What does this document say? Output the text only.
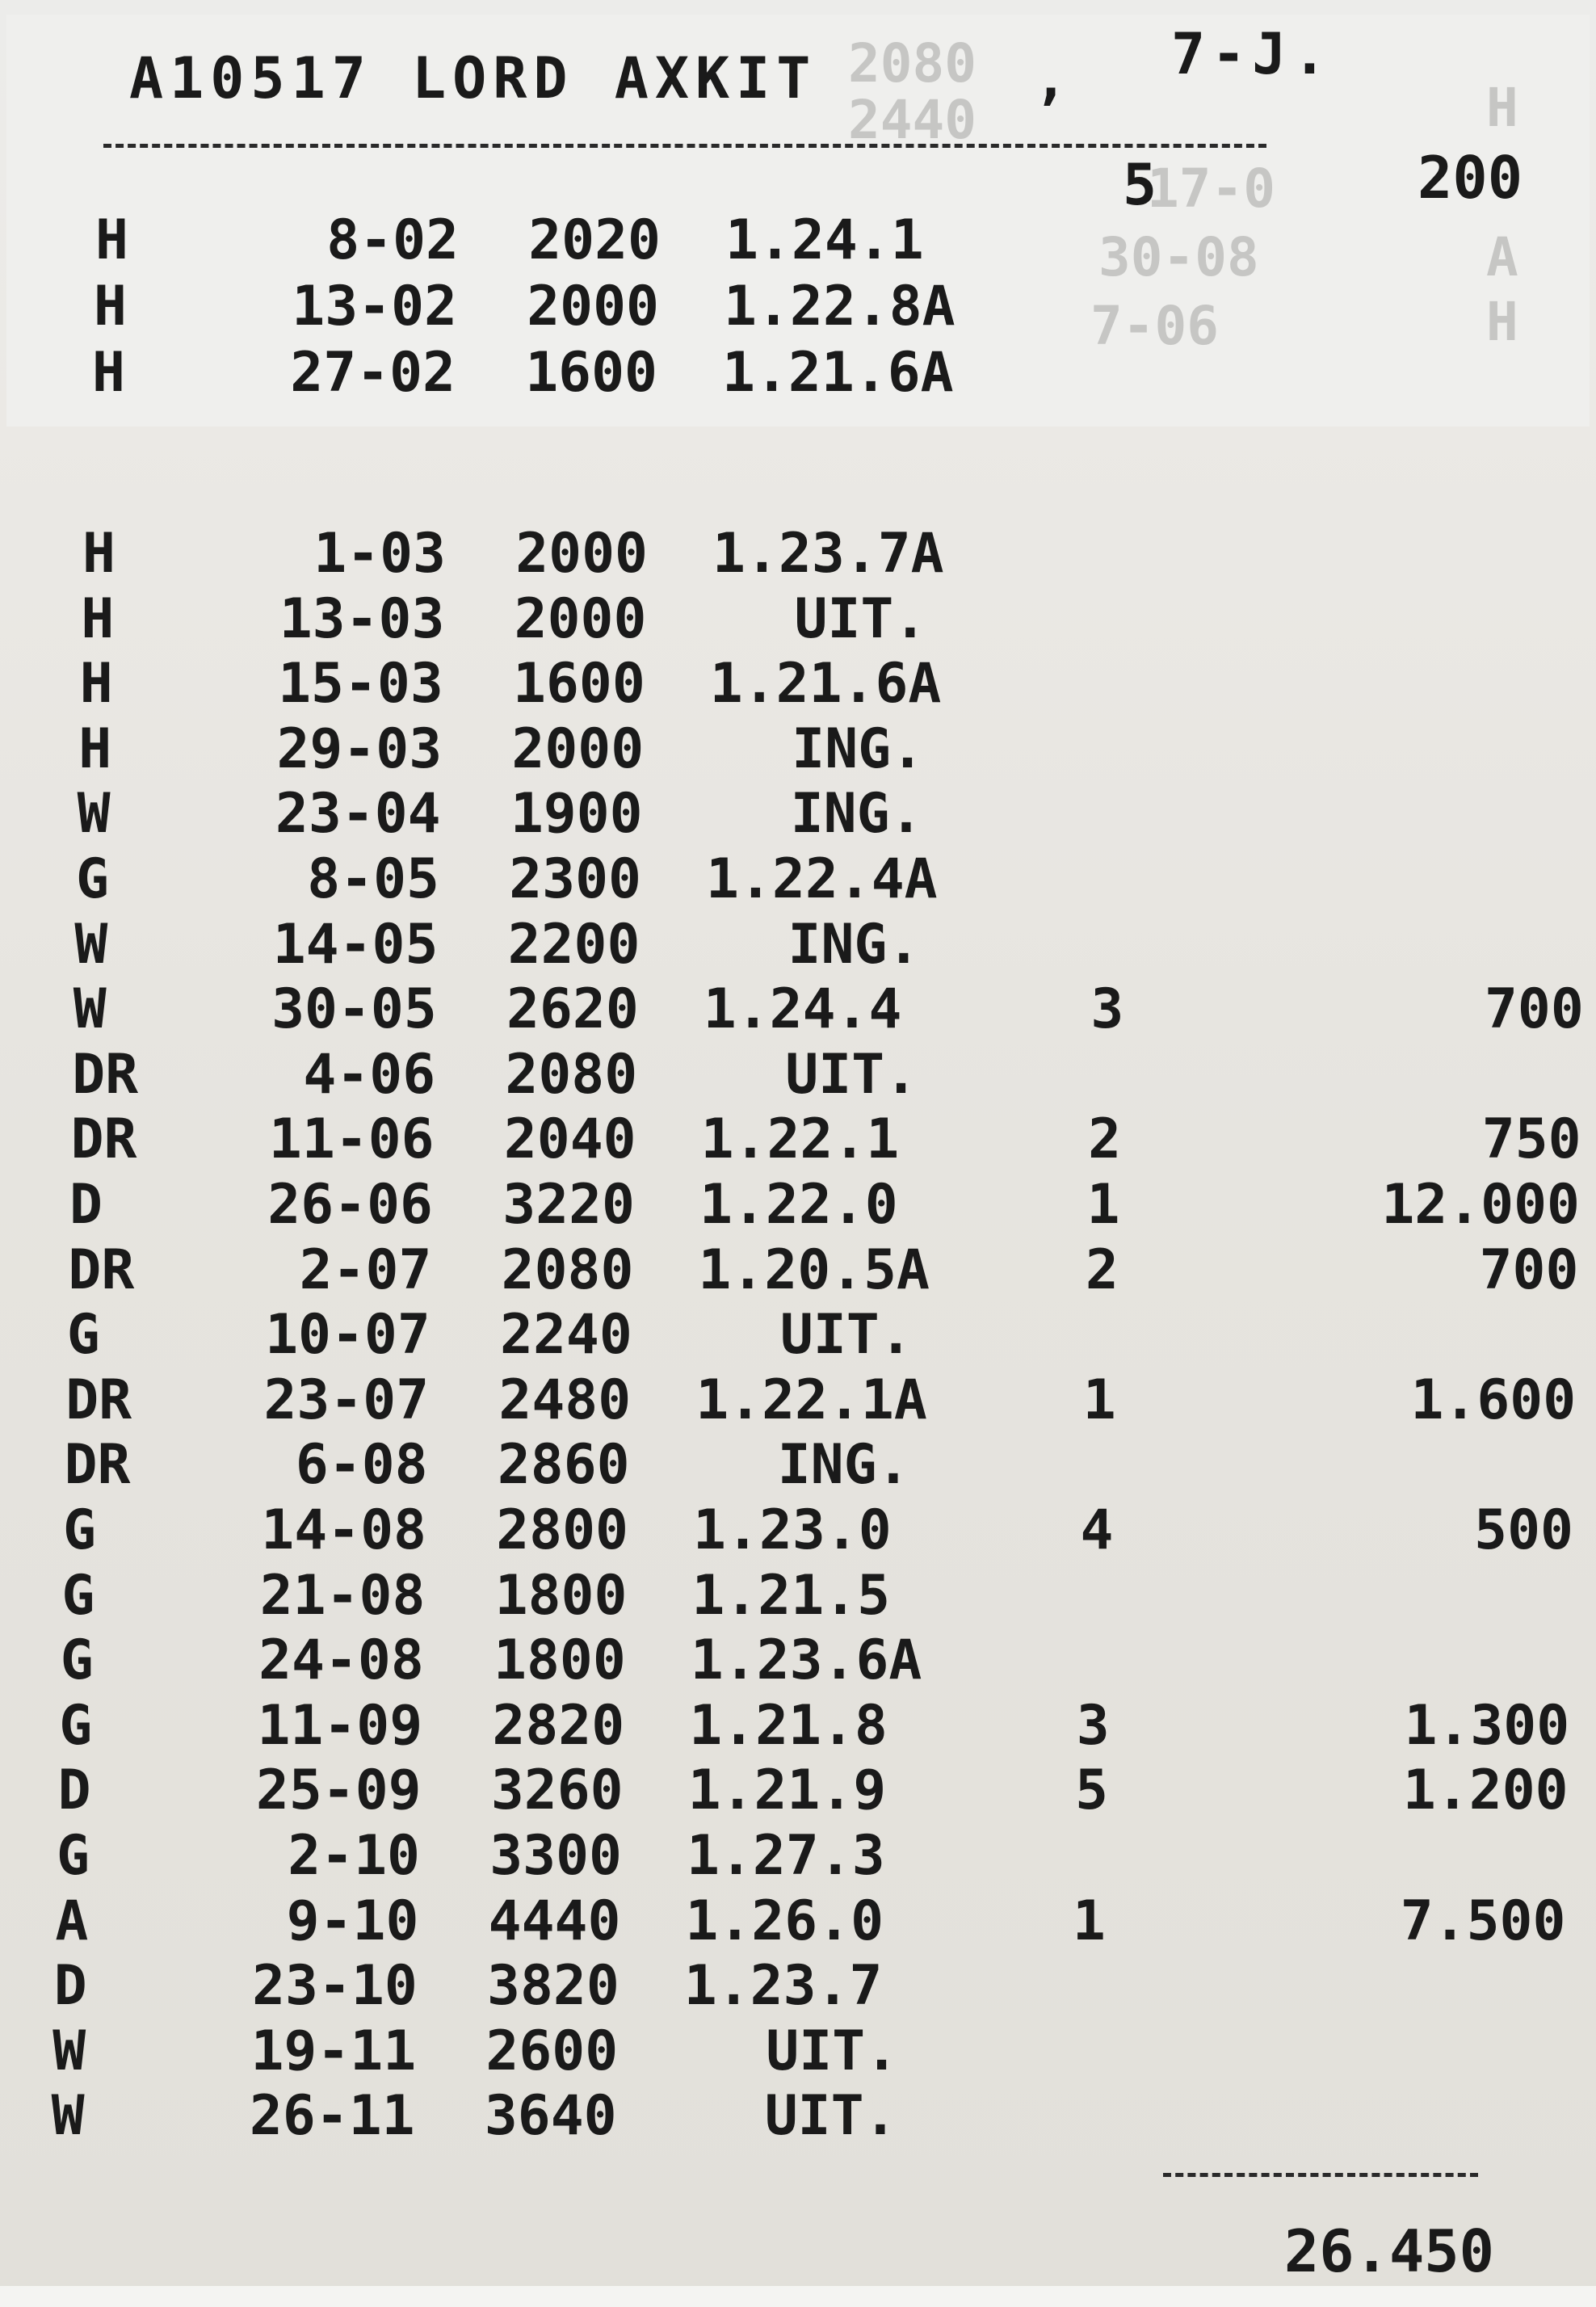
2080
2440
17-0
30-08
7-06
H
A
H
A10517 LORD AXKIT	, 7-J.
5	200
H	8-02	2020 1.24.1
H	13-02	2000 1.22.8A
H	27-02	1600 1.21.6A
H	1-03	2000 1.23.7A
H	13-03	2000	UIT.
H	15-03	1600 1.21.6A
H	29-03	2000	ING.
W	23-04	1900	ING.
G	8-05	2300 1.22.4A
W	14-05	2200	ING.
W	30-05	2620 1.24.4	3	700
DR	4-06	2080	UIT.
DR	11-06	2040 1.22.1	2	750
D	26-06	3220 1.22.0	1	12.000
DR	2-07	2080 1.20.5A	2	700
G	10-07	2240	UIT.
DR	23-07	2480 1.22.1A	1	1.600
DR	6-08	2860	ING.
G	14-08	2800 1.23.0	4	500
G	21-08	1800 1.21.5
G	24-08	1800 1.23.6A
G	11-09	2820 1.21.8	3	1.300
D	25-09	3260 1.21.9	5	1.200
G	2-10	3300 1.27.3
A	9-10	4440 1.26.0	1	7.500
D	23-10	3820 1.23.7
W	19-11	2600	UIT.
W	26-11	3640	UIT.
26.450
